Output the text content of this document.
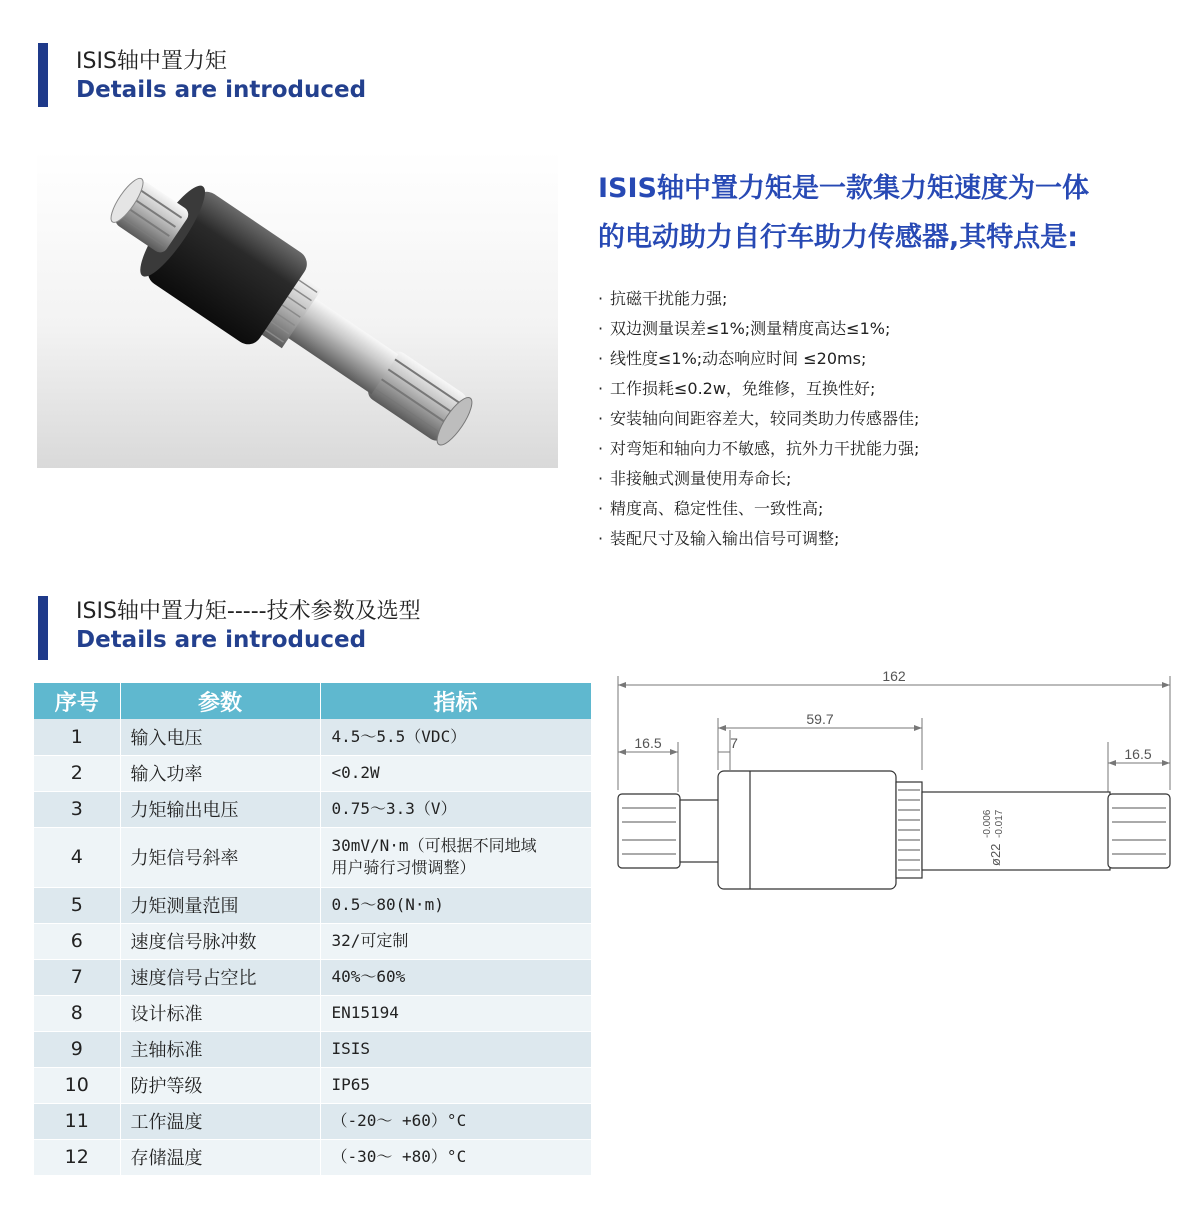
ISIS轴中置力矩
Details are introduced
ISIS轴中置力矩是一款集力矩速度为一体
的电动助力自行车助力传感器,其特点是:
· 抗磁干扰能力强;
· 双边测量误差≤1%;测量精度高达≤1%;
· 线性度≤1%;动态响应时间 ≤20ms;
· 工作损耗≤0.2w，免维修，互换性好;
· 安装轴向间距容差大，较同类助力传感器佳;
· 对弯矩和轴向力不敏感，抗外力干扰能力强;
· 非接触式测量使用寿命长;
· 精度高、稳定性佳、一致性高;
· 装配尺寸及输入输出信号可调整;
ISIS轴中置力矩-----技术参数及选型
Details are introduced
序号	参数	指标
1	输入电压	4.5～5.5（VDC）
2	输入功率	<0.2W
3	力矩输出电压	0.75～3.3（V）
4	力矩信号斜率	30mV/N·m（可根据不同地域
用户骑行习惯调整）
5	力矩测量范围	0.5～80(N·m)
6	速度信号脉冲数	32/可定制
7	速度信号占空比	40%～60%
8	设计标准	EN15194
9	主轴标准	ISIS
10	防护等级	IP65
11	工作温度	（-20～ +60）°C
12	存储温度	（-30～ +80）°C
162
59.7
16.5
16.5
7
ø22
-0.006 -0.017
